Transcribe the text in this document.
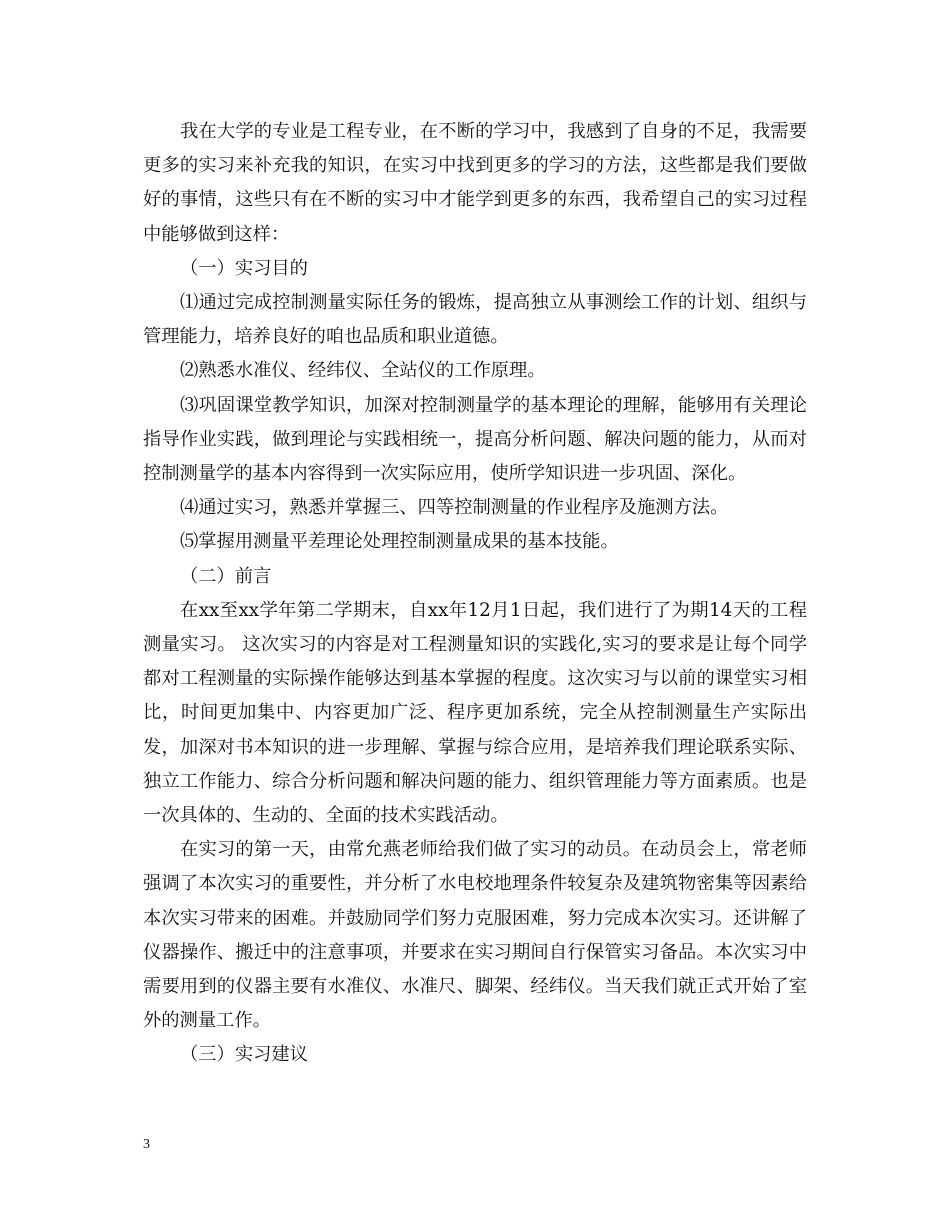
我在大学的专业是工程专业，在不断的学习中，我感到了自身的不足，我需要更多的实习来补充我的知识，在实习中找到更多的学习的方法，这些都是我们要做好的事情，这些只有在不断的实习中才能学到更多的东西，我希望自己的实习过程中能够做到这样：

（一）实习目的

⑴通过完成控制测量实际任务的锻炼，提高独立从事测绘工作的计划、组织与管理能力，培养良好的咱也品质和职业道德。

⑵熟悉水准仪、经纬仪、全站仪的工作原理。

⑶巩固课堂教学知识，加深对控制测量学的基本理论的理解，能够用有关理论指导作业实践，做到理论与实践相统一，提高分析问题、解决问题的能力，从而对控制测量学的基本内容得到一次实际应用，使所学知识进一步巩固、深化。

⑷通过实习，熟悉并掌握三、四等控制测量的作业程序及施测方法。

⑸掌握用测量平差理论处理控制测量成果的基本技能。

（二）前言

在xx至xx学年第二学期末，自xx年12月1日起，我们进行了为期14天的工程测量实习。 这次实习的内容是对工程测量知识的实践化,实习的要求是让每个同学都对工程测量的实际操作能够达到基本掌握的程度。这次实习与以前的课堂实习相比，时间更加集中、内容更加广泛、程序更加系统，完全从控制测量生产实际出发，加深对书本知识的进一步理解、掌握与综合应用，是培养我们理论联系实际、独立工作能力、综合分析问题和解决问题的能力、组织管理能力等方面素质。也是一次具体的、生动的、全面的技术实践活动。

在实习的第一天，由常允燕老师给我们做了实习的动员。在动员会上，常老师强调了本次实习的重要性，并分析了水电校地理条件较复杂及建筑物密集等因素给本次实习带来的困难。并鼓励同学们努力克服困难，努力完成本次实习。还讲解了仪器操作、搬迁中的注意事项，并要求在实习期间自行保管实习备品。本次实习中需要用到的仪器主要有水准仪、水准尺、脚架、经纬仪。当天我们就正式开始了室外的测量工作。

（三）实习建议

3
